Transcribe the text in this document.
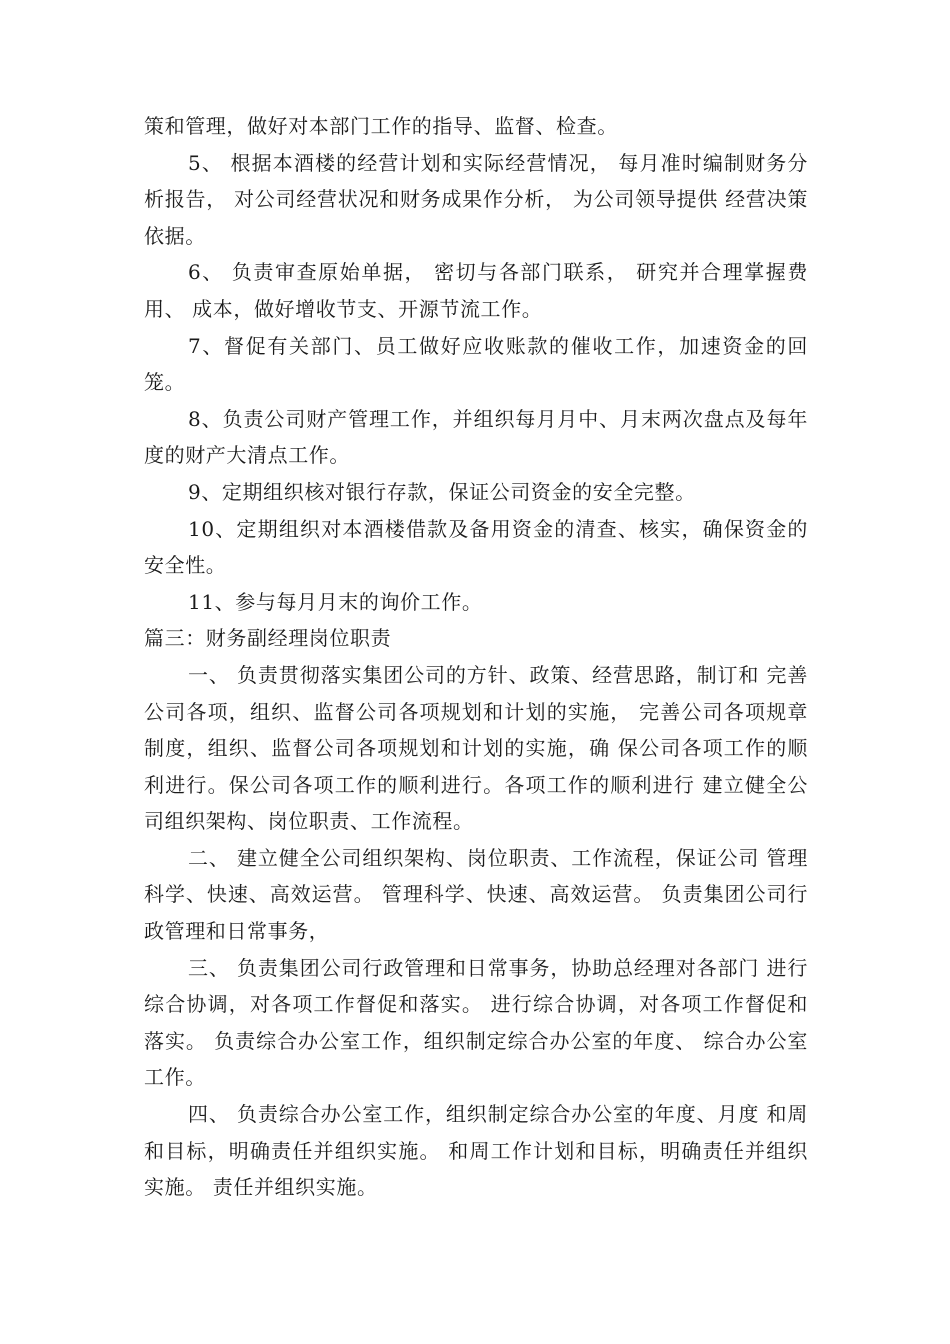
策和管理，做好对本部门工作的指导、监督、检查。

5、 根据本酒楼的经营计划和实际经营情况， 每月准时编制财务分 析报告， 对公司经营状况和财务成果作分析， 为公司领导提供 经营决策依据。

6、 负责审查原始单据， 密切与各部门联系， 研究并合理掌握费用、 成本，做好增收节支、开源节流工作。

7、督促有关部门、员工做好应收账款的催收工作，加速资金的回笼。

8、负责公司财产管理工作，并组织每月月中、月末两次盘点及每年度的财产大清点工作。

9、定期组织核对银行存款，保证公司资金的安全完整。

10、定期组织对本酒楼借款及备用资金的清查、核实，确保资金的安全性。

11、参与每月月末的询价工作。

篇三：财务副经理岗位职责

一、 负责贯彻落实集团公司的方针、政策、经营思路，制订和 完善公司各项，组织、监督公司各项规划和计划的实施， 完善公司各项规章制度，组织、监督公司各项规划和计划的实施，确 保公司各项工作的顺利进行。保公司各项工作的顺利进行。各项工作的顺利进行 建立健全公司组织架构、岗位职责、工作流程。

二、 建立健全公司组织架构、岗位职责、工作流程，保证公司 管理科学、快速、高效运营。 管理科学、快速、高效运营。 负责集团公司行政管理和日常事务，

三、 负责集团公司行政管理和日常事务，协助总经理对各部门 进行综合协调，对各项工作督促和落实。 进行综合协调，对各项工作督促和落实。 负责综合办公室工作，组织制定综合办公室的年度、 综合办公室工作。

四、 负责综合办公室工作，组织制定综合办公室的年度、月度 和周和目标，明确责任并组织实施。 和周工作计划和目标，明确责任并组织实施。 责任并组织实施。
